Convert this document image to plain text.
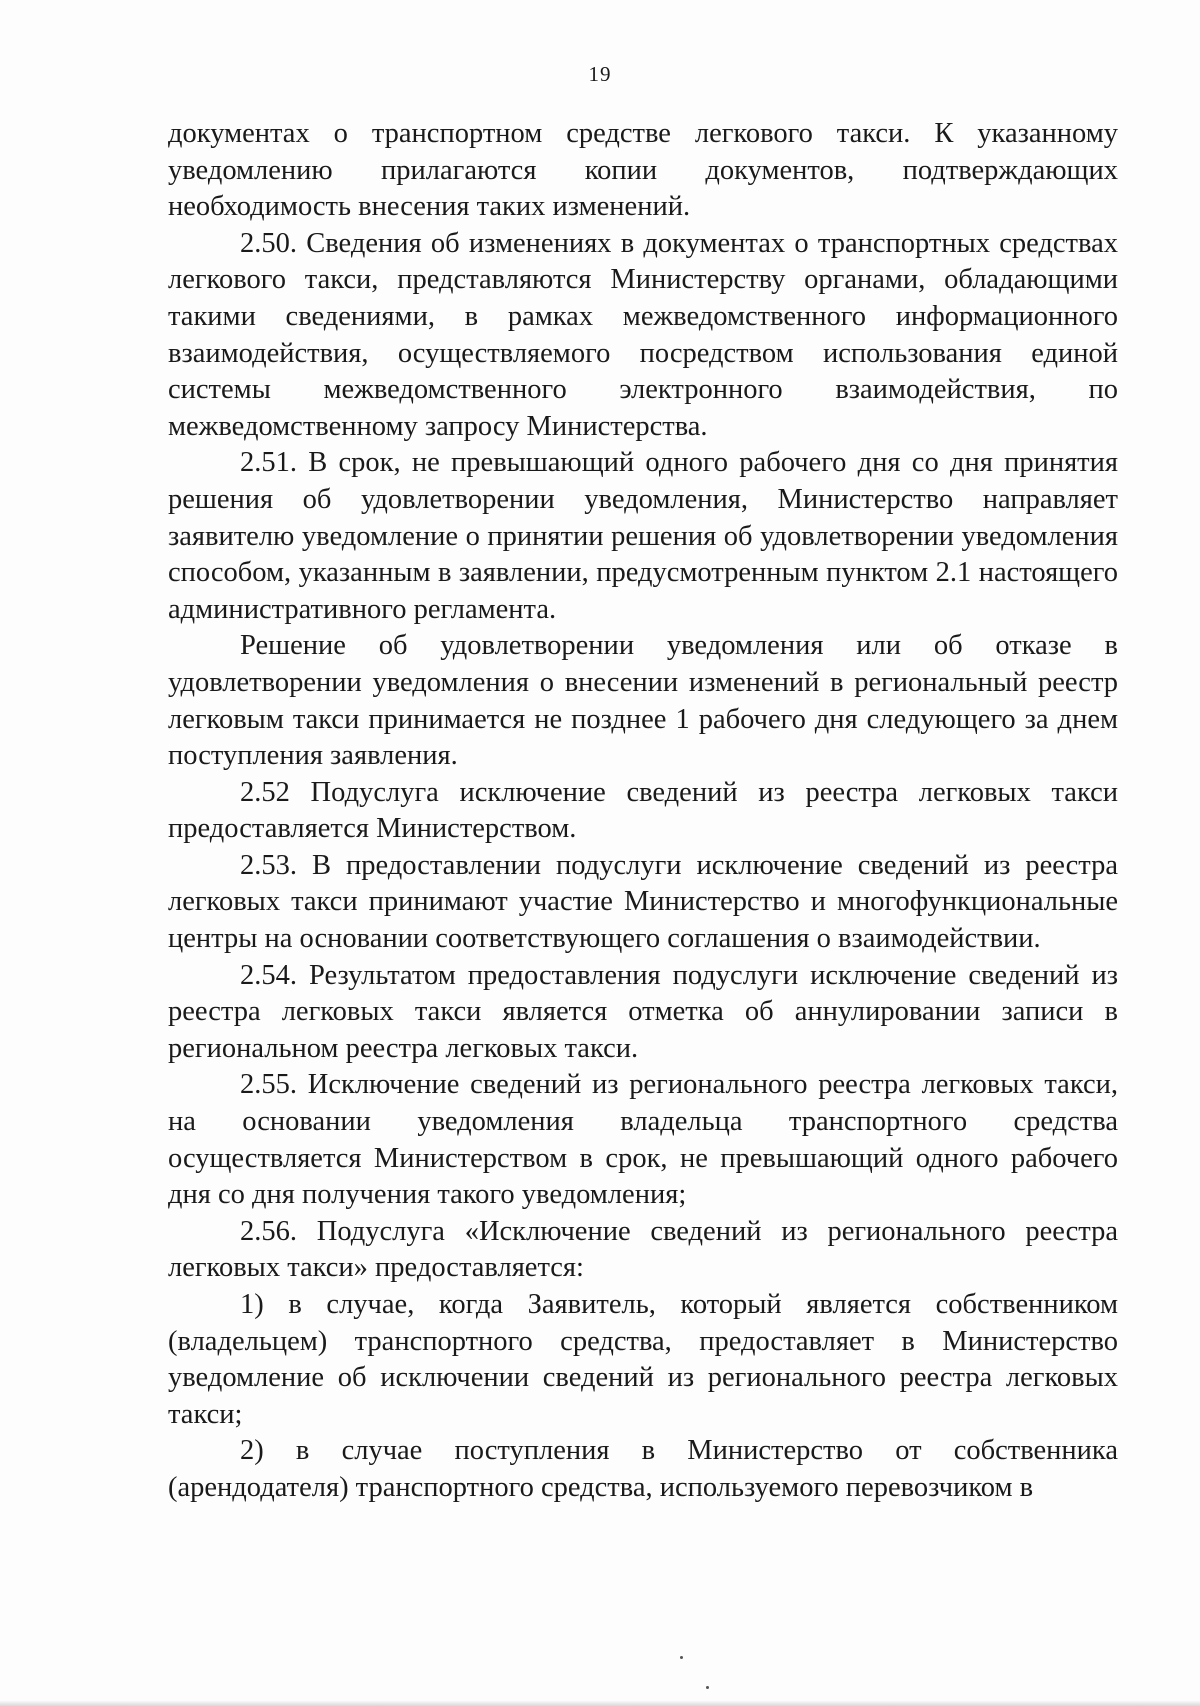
19

документах о транспортном средстве легкового такси. К указанному уведомлению прилагаются копии документов, подтверждающих необходимость внесения таких изменений.

2.50. Сведения об изменениях в документах о транспортных средствах легкового такси, представляются Министерству органами, обладающими такими сведениями, в рамках межведомственного информационного взаимодействия, осуществляемого посредством использования единой системы межведомственного электронного взаимодействия, по межведомственному запросу Министерства.

2.51. В срок, не превышающий одного рабочего дня со дня принятия решения об удовлетворении уведомления, Министерство направляет заявителю уведомление о принятии решения об удовлетворении уведомления способом, указанным в заявлении, предусмотренным пунктом 2.1 настоящего административного регламента.

Решение об удовлетворении уведомления или об отказе в удовлетворении уведомления о внесении изменений в региональный реестр легковым такси принимается не позднее 1 рабочего дня следующего за днем поступления заявления.

2.52 Подуслуга исключение сведений из реестра легковых такси предоставляется Министерством.

2.53. В предоставлении подуслуги исключение сведений из реестра легковых такси принимают участие Министерство и многофункциональные центры на основании соответствующего соглашения о взаимодействии.

2.54. Результатом предоставления подуслуги исключение сведений из реестра легковых такси является отметка об аннулировании записи в региональном реестра легковых такси.

2.55. Исключение сведений из регионального реестра легковых такси, на основании уведомления владельца транспортного средства осуществляется Министерством в срок, не превышающий одного рабочего дня со дня получения такого уведомления;

2.56. Подуслуга «Исключение сведений из регионального реестра легковых такси» предоставляется:

1) в случае, когда Заявитель, который является собственником (владельцем) транспортного средства, предоставляет в Министерство уведомление об исключении сведений из регионального реестра легковых такси;

2) в случае поступления в Министерство от собственника (арендодателя) транспортного средства, используемого перевозчиком в
